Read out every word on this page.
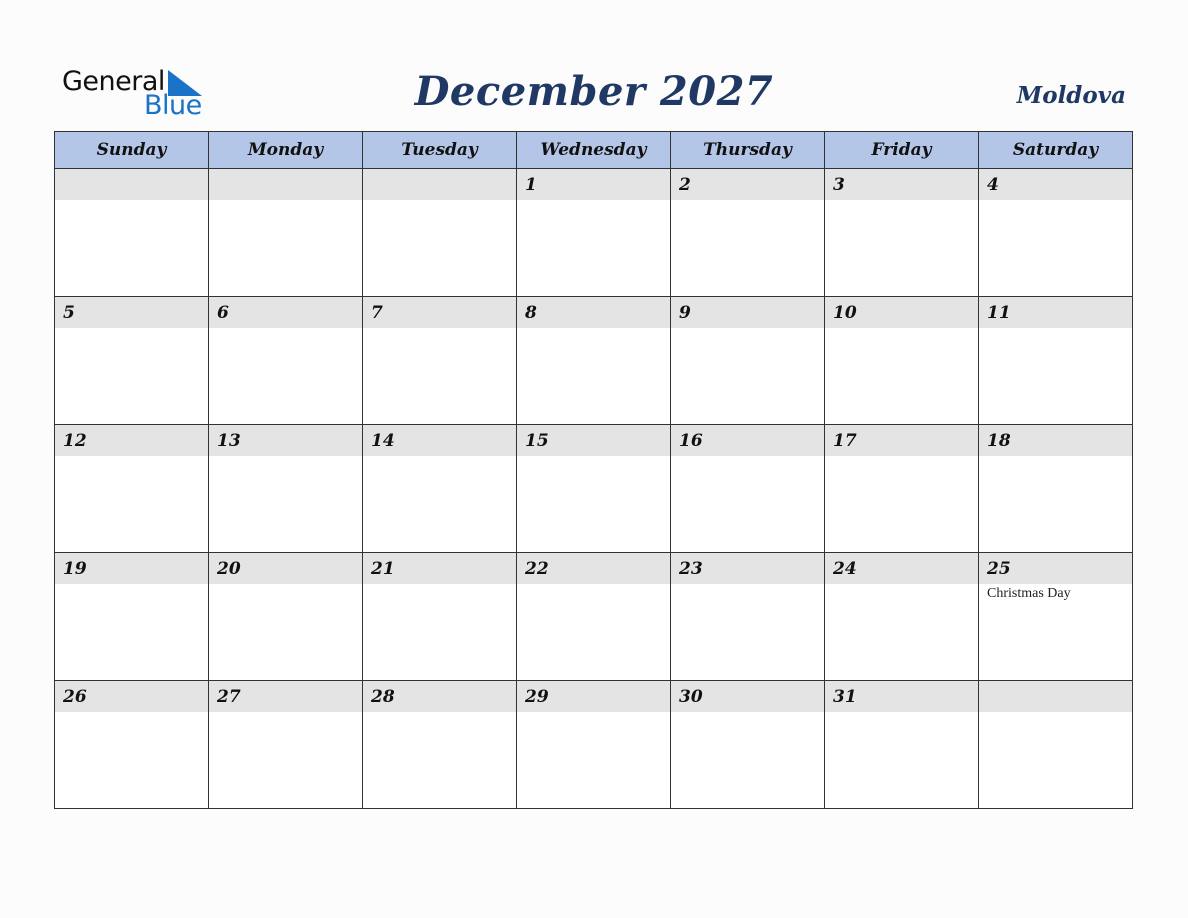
General
Blue	December 2027	Moldova
Sunday	Monday	Tuesday	Wednesday	Thursday	Friday	Saturday

			1	2	3	4

5	6	7	8	9	10	11

12	13	14	15	16	17	18

19	20	21	22	23	24	25
Christmas Day

26	27	28	29	30	31	
